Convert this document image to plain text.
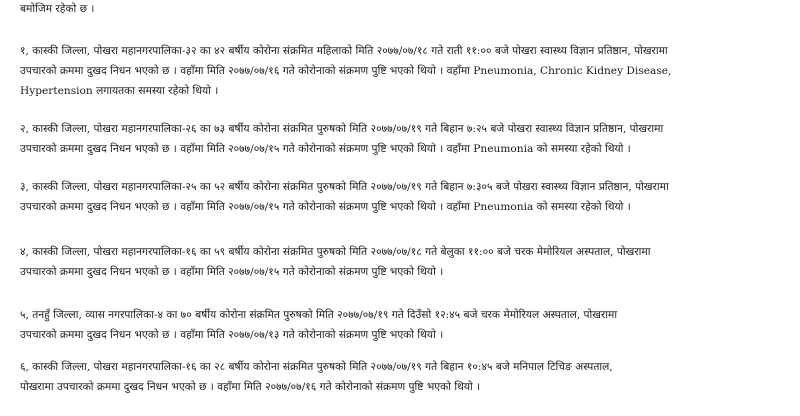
बमोजिम रहेको छ ।
१, कास्की जिल्ला, पोखरा महानगरपालिका-३२ का ४२ बर्षीय कोरोना संक्रमित महिलाको मिति २०७७/०७/१८ गते राती ११:०० बजे पोखरा स्वास्थ्य विज्ञान प्रतिष्ठान, पोखरामा
उपचारको क्रममा दुखद निधन भएको छ । वहाँमा मिति २०७७/०७/१६ गते कोरोनाको संक्रमण पुष्टि भएको थियो । वहाँमा Pneumonia, Chronic Kidney Disease,
Hypertension लगायतका समस्या रहेको थियो ।
२, कास्की जिल्ला, पोखरा महानगरपालिका-२६ का ७३ बर्षीय कोरोना संक्रमित पुरुषको मिति २०७७/०७/१९ गते बिहान ७:२५ बजे पोखरा स्वास्थ्य विज्ञान प्रतिष्ठान, पोखरामा
उपचारको क्रममा दुखद निधन भएको छ । वहाँमा मिति २०७७/०७/१५ गते कोरोनाको संक्रमण पुष्टि भएको थियो । वहाँमा Pneumonia को समस्या रहेको थियो ।
३, कास्की जिल्ला, पोखरा महानगरपालिका-२५ का ५२ बर्षीय कोरोना संक्रमित पुरुषको मिति २०७७/०७/१९ गते बिहान ७:३०५ बजे पोखरा स्वास्थ्य विज्ञान प्रतिष्ठान, पोखरामा
उपचारको क्रममा दुखद निधन भएको छ । वहाँमा मिति २०७७/०७/१५ गते कोरोनाको संक्रमण पुष्टि भएको थियो । वहाँमा Pneumonia को समस्या रहेको थियो ।
४, कास्की जिल्ला, पोखरा महानगरपालिका-१६ का ५९ बर्षीय कोरोना संक्रमित पुरुषको मिति २०७७/०७/१८ गते बेलुका ११:०० बजे चरक मेमोरियल अस्पताल, पोखरामा
उपचारको क्रममा दुखद निधन भएको छ । वहाँमा मिति २०७७/०७/१५ गते कोरोनाको संक्रमण पुष्टि भएको थियो ।
५, तनहुँ जिल्ला, व्यास नगरपालिका-४ का ७० बर्षीय कोरोना संक्रमित पुरुषको मिति २०७७/०७/१९ गते दिउँसो १२:४५ बजे चरक मेमोरियल अस्पताल, पोखरामा
उपचारको क्रममा दुखद निधन भएको छ । वहाँमा मिति २०७७/०७/१३ गते कोरोनाको संक्रमण पुष्टि भएको थियो ।
६, कास्की जिल्ला, पोखरा महानगरपालिका-१६ का २८ बर्षीय कोरोना संक्रमित पुरुषको मिति २०७७/०७/१९ गते बिहान १०:४५ बजे मनिपाल टिचिङ अस्पताल,
पोखरामा उपचारको क्रममा दुखद निधन भएको छ । वहाँमा मिति २०७७/०७/१६ गते कोरोनाको संक्रमण पुष्टि भएको थियो ।
